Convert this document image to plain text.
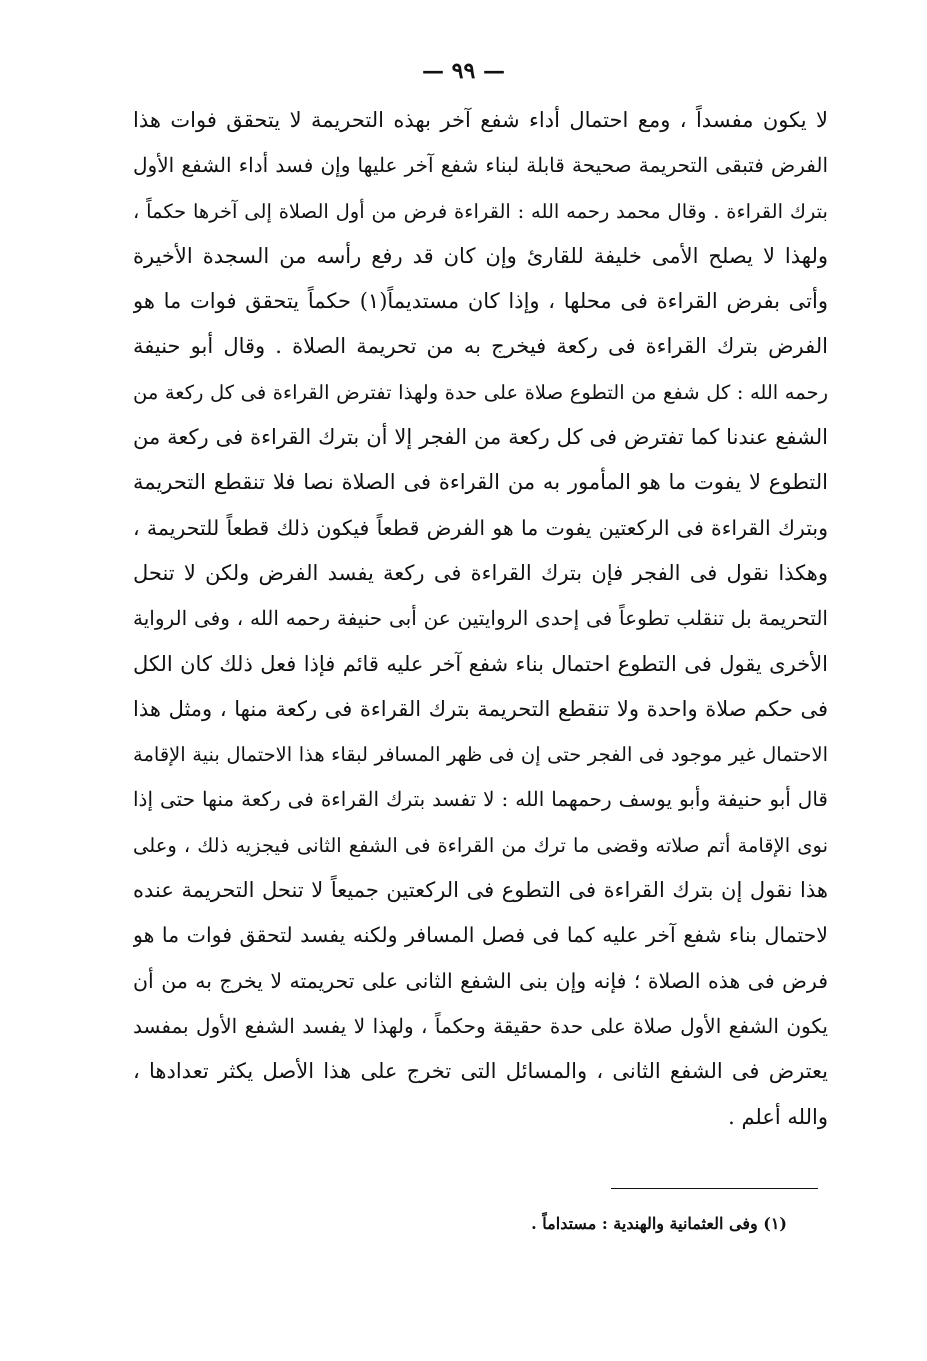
— ٩٩ —
لا يكون مفسداً ، ومع احتمال أداء شفع آخر بهذه التحريمة لا يتحقق فوات هذا
الفرض فتبقى التحريمة صحيحة قابلة لبناء شفع آخر عليها وإن فسد أداء الشفع الأول
بترك القراءة . وقال محمد رحمه الله : القراءة فرض من أول الصلاة إلى آخرها حكماً ،
ولهذا لا يصلح الأمى خليفة للقارئ وإن كان قد رفع رأسه من السجدة الأخيرة
وأتى بفرض القراءة فى محلها ، وإذا كان مستديماً(١) حكماً يتحقق فوات ما هو
الفرض بترك القراءة فى ركعة فيخرج به من تحريمة الصلاة . وقال أبو حنيفة
رحمه الله : كل شفع من التطوع صلاة على حدة ولهذا تفترض القراءة فى كل ركعة من
الشفع عندنا كما تفترض فى كل ركعة من الفجر إلا أن بترك القراءة فى ركعة من
التطوع لا يفوت ما هو المأمور به من القراءة فى الصلاة نصا فلا تنقطع التحريمة
وبترك القراءة فى الركعتين يفوت ما هو الفرض قطعاً فيكون ذلك قطعاً للتحريمة ،
وهكذا نقول فى الفجر فإن بترك القراءة فى ركعة يفسد الفرض ولكن لا تنحل
التحريمة بل تنقلب تطوعاً فى إحدى الروايتين عن أبى حنيفة رحمه الله ، وفى الرواية
الأخرى يقول فى التطوع احتمال بناء شفع آخر عليه قائم فإذا فعل ذلك كان الكل
فى حكم صلاة واحدة ولا تنقطع التحريمة بترك القراءة فى ركعة منها ، ومثل هذا
الاحتمال غير موجود فى الفجر حتى إن فى ظهر المسافر لبقاء هذا الاحتمال بنية الإقامة
قال أبو حنيفة وأبو يوسف رحمهما الله : لا تفسد بترك القراءة فى ركعة منها حتى إذا
نوى الإقامة أتم صلاته وقضى ما ترك من القراءة فى الشفع الثانى فيجزيه ذلك ، وعلى
هذا نقول إن بترك القراءة فى التطوع فى الركعتين جميعاً لا تنحل التحريمة عنده
لاحتمال بناء شفع آخر عليه كما فى فصل المسافر ولكنه يفسد لتحقق فوات ما هو
فرض فى هذه الصلاة ؛ فإنه وإن بنى الشفع الثانى على تحريمته لا يخرج به من أن
يكون الشفع الأول صلاة على حدة حقيقة وحكماً ، ولهذا لا يفسد الشفع الأول بمفسد
يعترض فى الشفع الثانى ، والمسائل التى تخرج على هذا الأصل يكثر تعدادها ،
والله أعلم .
(١) وفى العثمانية والهندية : مستداماً .
